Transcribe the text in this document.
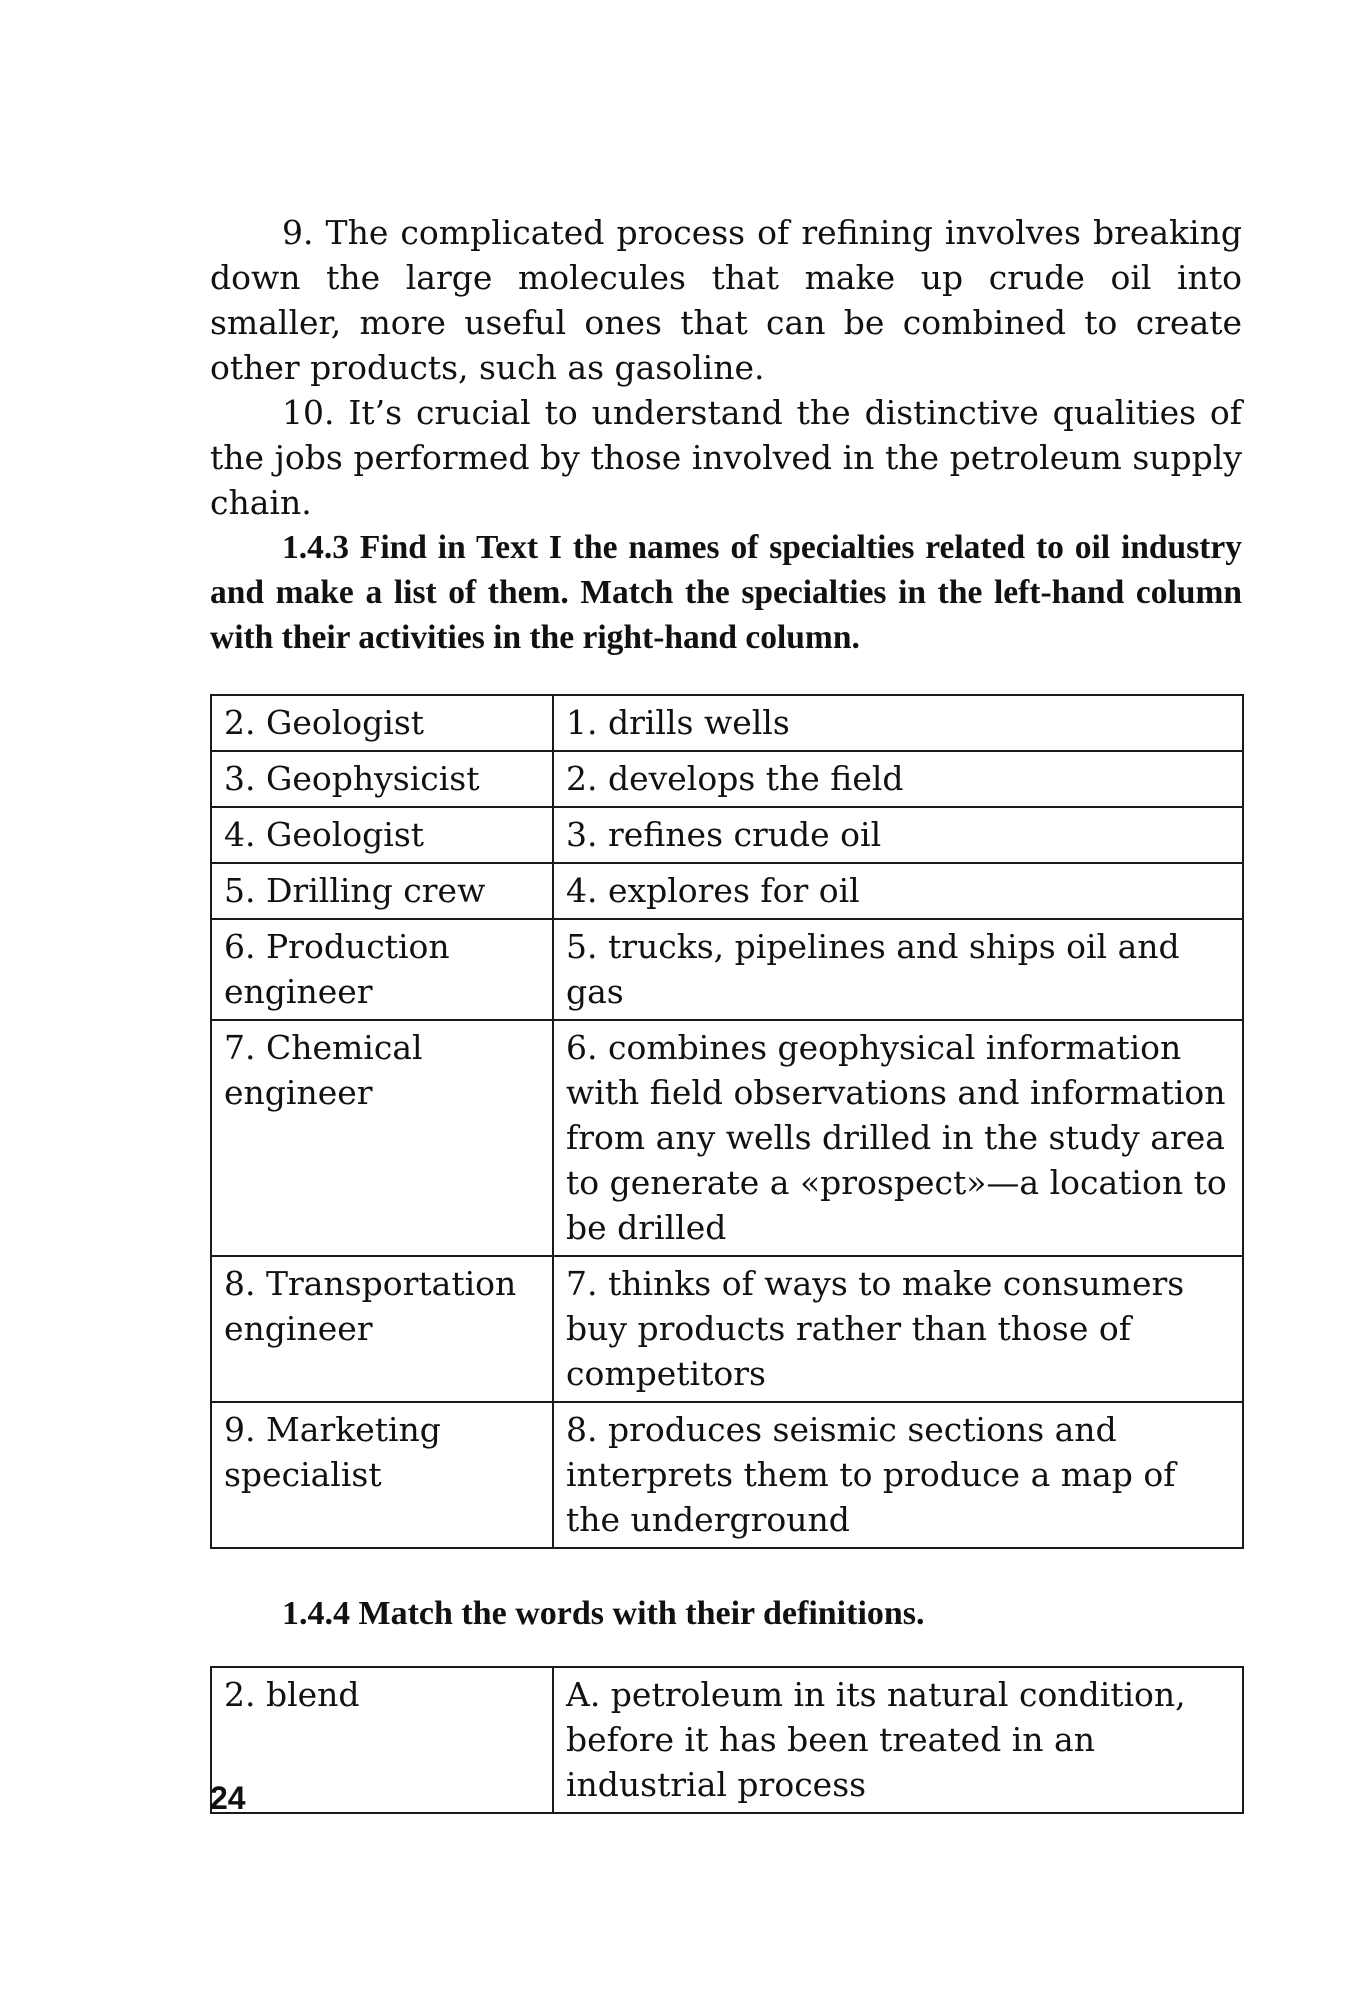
9. The complicated process of refining involves breaking down the large molecules that make up crude oil into smaller, more useful ones that can be combined to create other products, such as gasoline.

10. It’s crucial to understand the distinctive qualities of the jobs performed by those involved in the petroleum supply chain.

1.4.3 Find in Text I the names of specialties related to oil industry and make a list of them. Match the specialties in the left-hand column with their activities in the right-hand column.

2. Geologist	1. drills wells
3. Geophysicist	2. develops the field
4. Geologist	3. refines crude oil
5. Drilling crew	4. explores for oil
6. Production engineer	5. trucks, pipelines and ships oil and gas
7. Chemical engineer	6. combines geophysical information with field observations and information from any wells drilled in the study area to generate a «prospect»—a location to be drilled
8. Transportation engineer	7. thinks of ways to make consumers buy products rather than those of competitors
9. Marketing specialist	8. produces seismic sections and interprets them to produce a map of the underground
1.4.4 Match the words with their definitions.
2. blend	A. petroleum in its natural condition, before it has been treated in an industrial process
24
